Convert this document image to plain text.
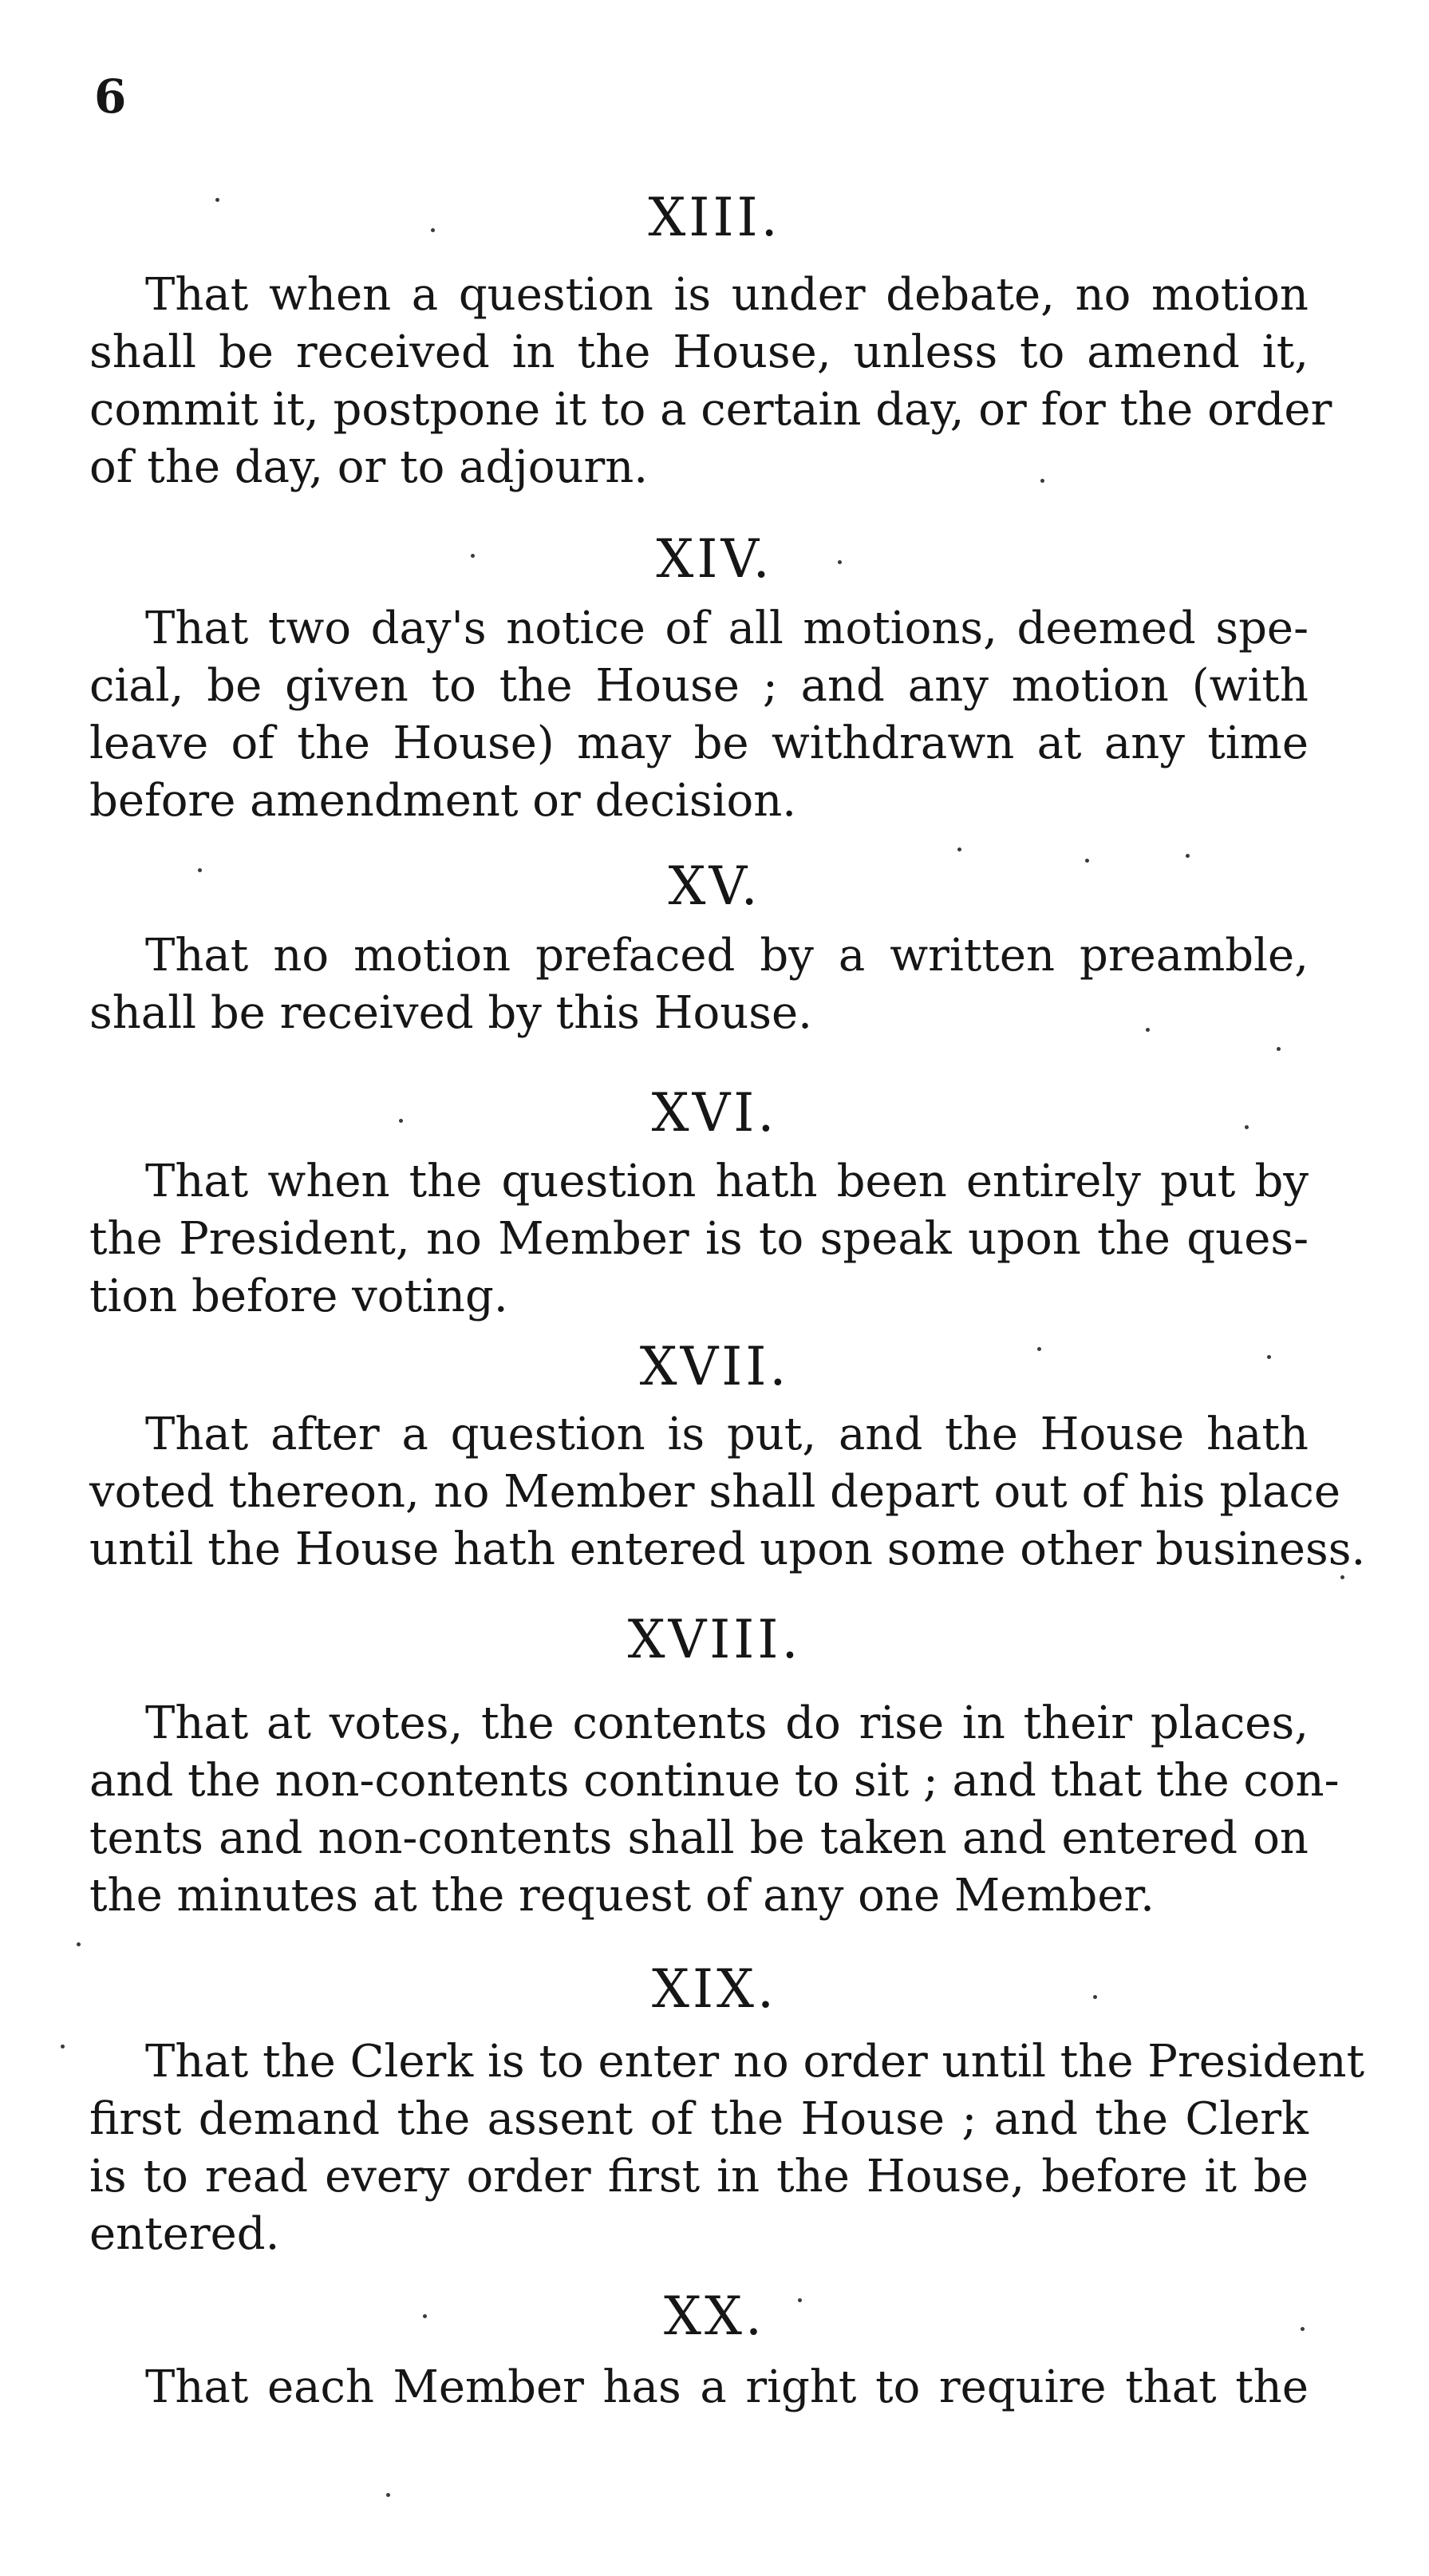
6
XIII.
That when a question is under debate, no motion
shall be received in the House, unless to amend it,
commit it, postpone it to a certain day, or for the order
of the day, or to adjourn.
XIV.
That two day's notice of all motions, deemed spe-
cial, be given to the House ; and any motion (with
leave of the House) may be withdrawn at any time
before amendment or decision.
XV.
That no motion prefaced by a written preamble,
shall be received by this House.
XVI.
That when the question hath been entirely put by
the President, no Member is to speak upon the ques-
tion before voting.
XVII.
That after a question is put, and the House hath
voted thereon, no Member shall depart out of his place
until the House hath entered upon some other business.
XVIII.
That at votes, the contents do rise in their places,
and the non-contents continue to sit ; and that the con-
tents and non-contents shall be taken and entered on
the minutes at the request of any one Member.
XIX.
That the Clerk is to enter no order until the President
first demand the assent of the House ; and the Clerk
is to read every order first in the House, before it be
entered.
XX.
That each Member has a right to require that the
